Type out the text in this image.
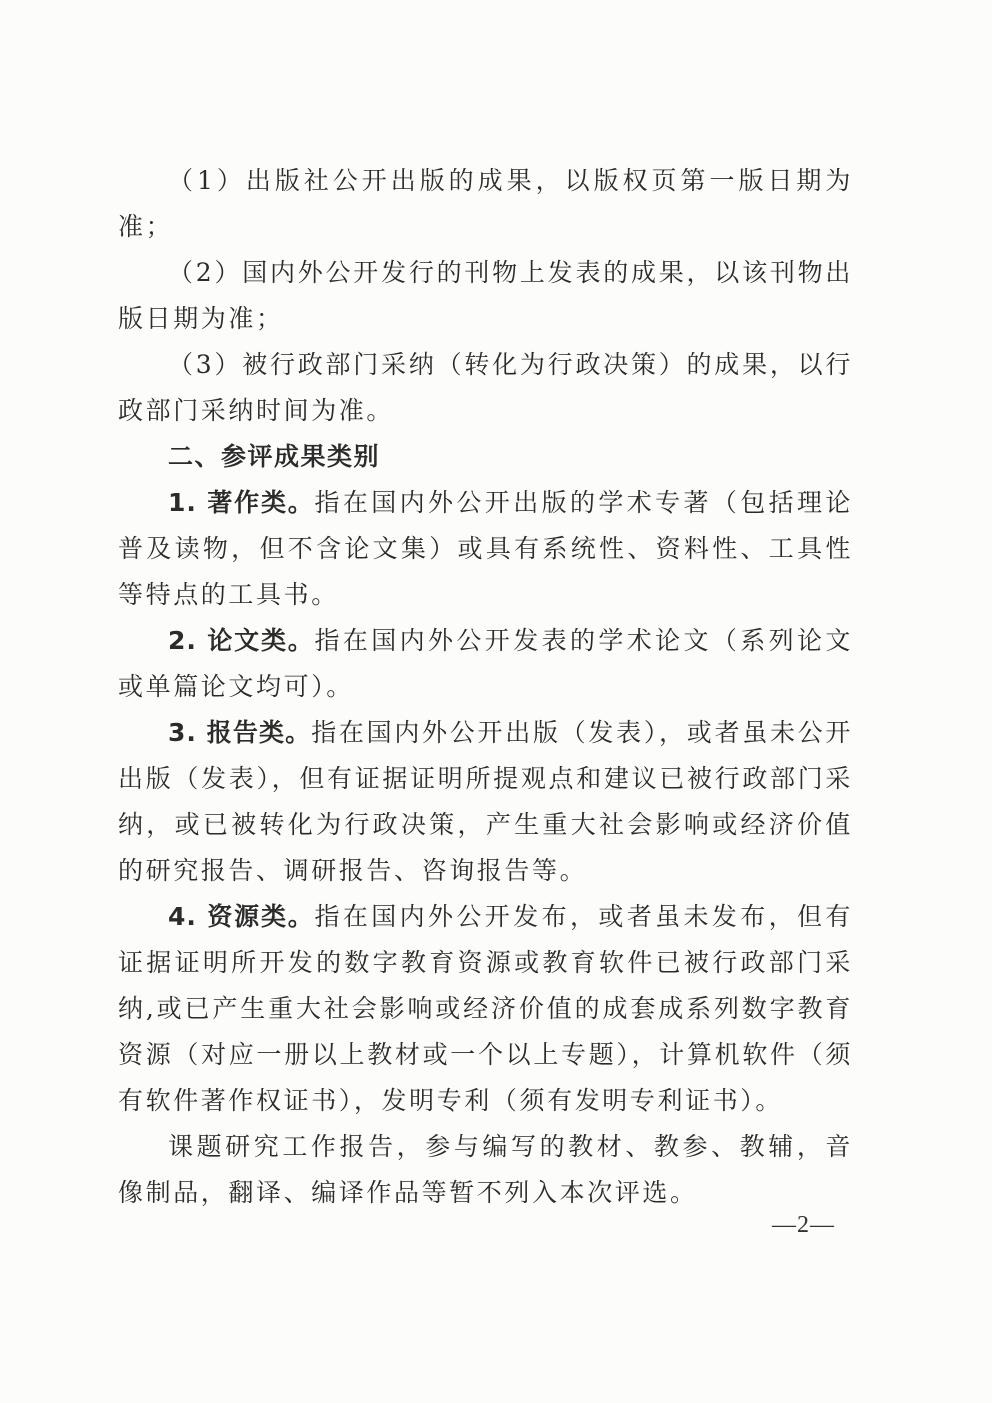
（1）出版社公开出版的成果，以版权页第一版日期为准；

（2）国内外公开发行的刊物上发表的成果，以该刊物出版日期为准；

（3）被行政部门采纳（转化为行政决策）的成果，以行政部门采纳时间为准。

二、参评成果类别

1. 著作类。指在国内外公开出版的学术专著（包括理论普及读物，但不含论文集）或具有系统性、资料性、工具性等特点的工具书。

2. 论文类。指在国内外公开发表的学术论文（系列论文或单篇论文均可）。

3. 报告类。指在国内外公开出版（发表），或者虽未公开出版（发表），但有证据证明所提观点和建议已被行政部门采纳，或已被转化为行政决策，产生重大社会影响或经济价值的研究报告、调研报告、咨询报告等。

4. 资源类。指在国内外公开发布，或者虽未发布，但有证据证明所开发的数字教育资源或教育软件已被行政部门采纳,或已产生重大社会影响或经济价值的成套成系列数字教育资源（对应一册以上教材或一个以上专题），计算机软件（须有软件著作权证书），发明专利（须有发明专利证书）。

课题研究工作报告，参与编写的教材、教参、教辅，音像制品，翻译、编译作品等暂不列入本次评选。

—2—
